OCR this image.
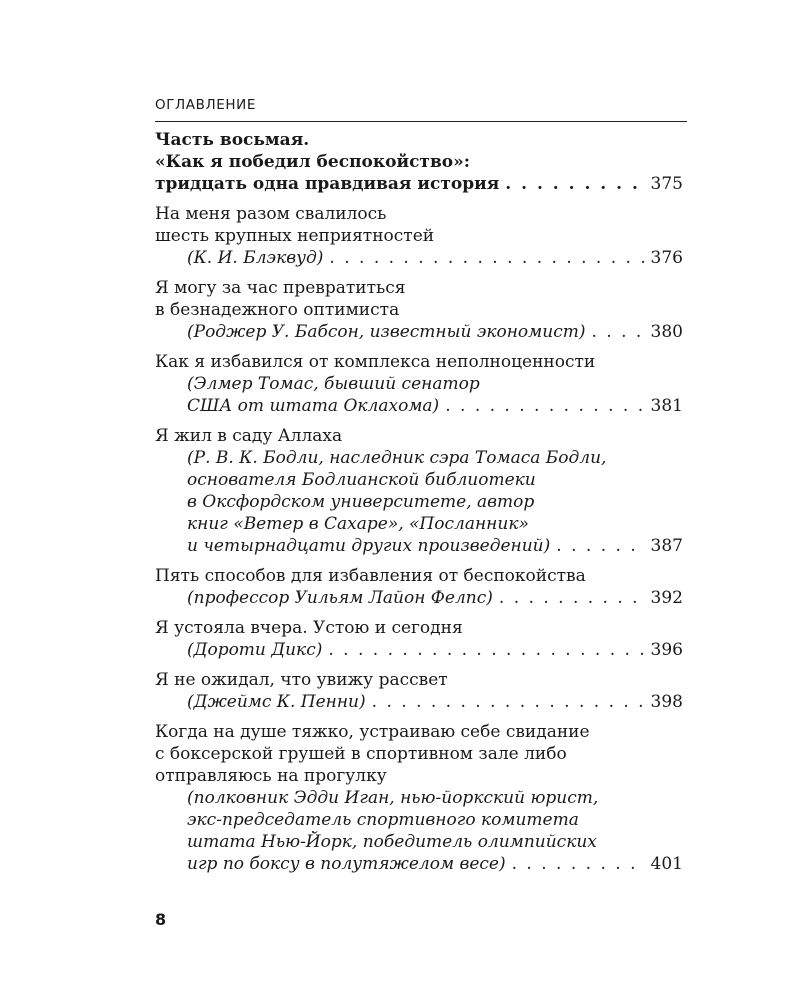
ОГЛАВЛЕНИЕ
Часть восьмая.
«Как я победил беспокойство»:
тридцать одна правдивая история . . .	375
На меня разом свалилось
шесть крупных неприятностей
(К. И. Блэквуд) . . .	376
Я могу за час превратиться
в безнадежного оптимиста
(Роджер У. Бабсон, известный экономист) . . .	380
Как я избавился от комплекса неполноценности
(Элмер Томас, бывший сенатор
США от штата Оклахома) . . .	381
Я жил в саду Аллаха
(Р. В. К. Бодли, наследник сэра Томаса Бодли,
основателя Бодлианской библиотеки
в Оксфордском университете, автор
книг «Ветер в Сахаре», «Посланник»
и четырнадцати других произведений) . . .	387
Пять способов для избавления от беспокойства
(профессор Уильям Лайон Фелпс) . . .	392
Я устояла вчера. Устою и сегодня
(Дороти Дикс) . . .	396
Я не ожидал, что увижу рассвет
(Джеймс К. Пенни) . . .	398
Когда на душе тяжко, устраиваю себе свидание
с боксерской грушей в спортивном зале либо
отправляюсь на прогулку
(полковник Эдди Иган, нью-йоркский юрист,
экс-председатель спортивного комитета
штата Нью-Йорк, победитель олимпийских
игр по боксу в полутяжелом весе) . . .	401
8
